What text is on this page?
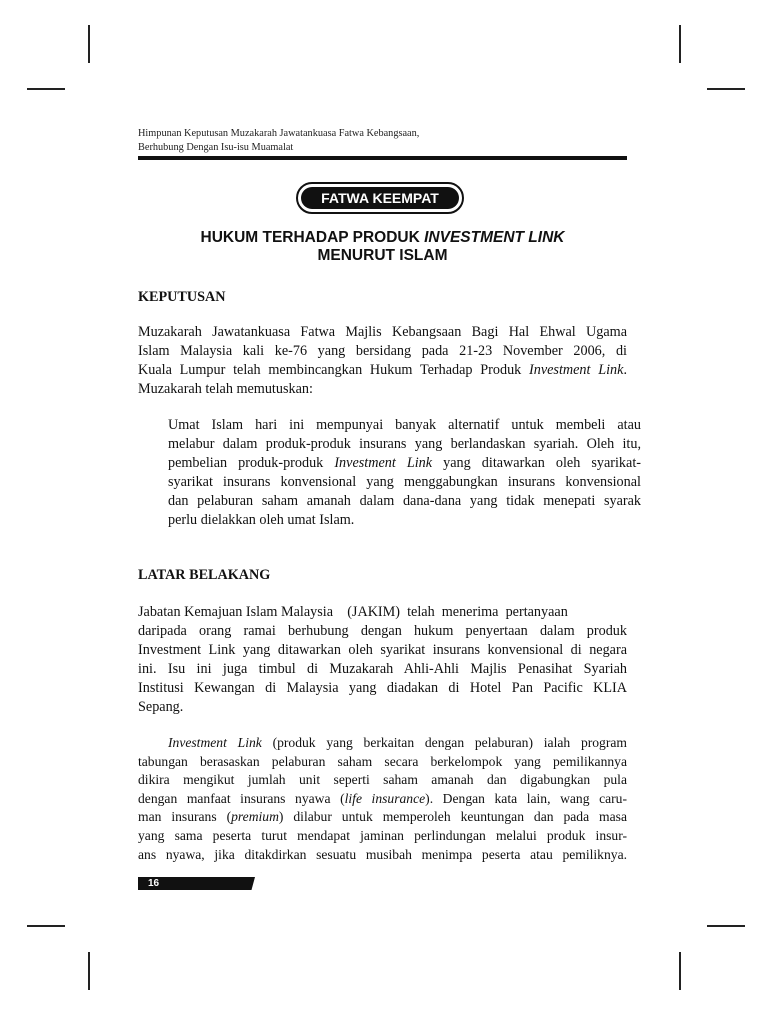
Himpunan Keputusan Muzakarah Jawatankuasa Fatwa Kebangsaan,
Berhubung Dengan Isu-isu Muamalat
FATWA KEEMPAT
HUKUM TERHADAP PRODUK INVESTMENT LINK
MENURUT ISLAM
KEPUTUSAN
Muzakarah Jawatankuasa Fatwa Majlis Kebangsaan Bagi Hal Ehwal Ugama
Islam Malaysia kali ke-76 yang bersidang pada 21-23 November 2006, di
Kuala Lumpur telah membincangkan Hukum Terhadap Produk Investment Link.
Muzakarah telah memutuskan:
Umat Islam hari ini mempunyai banyak alternatif untuk membeli atau
melabur dalam produk-produk insurans yang berlandaskan syariah. Oleh itu,
pembelian produk-produk Investment Link yang ditawarkan oleh syarikat-
syarikat insurans konvensional yang menggabungkan insurans konvensional
dan pelaburan saham amanah dalam dana-dana yang tidak menepati syarak
perlu dielakkan oleh umat Islam.
LATAR BELAKANG
Jabatan Kemajuan Islam Malaysia    (JAKIM)  telah  menerima  pertanyaan
daripada orang ramai berhubung dengan hukum penyertaan dalam produk
Investment Link yang ditawarkan oleh syarikat insurans konvensional di negara
ini. Isu ini juga timbul di Muzakarah Ahli-Ahli Majlis Penasihat Syariah
Institusi Kewangan di Malaysia yang diadakan di Hotel Pan Pacific KLIA
Sepang.
Investment Link (produk yang berkaitan dengan pelaburan) ialah program
tabungan berasaskan pelaburan saham secara berkelompok yang pemilikannya
dikira mengikut jumlah unit seperti saham amanah dan digabungkan pula
dengan manfaat insurans nyawa (life insurance). Dengan kata lain, wang caru-
man insurans (premium) dilabur untuk memperoleh keuntungan dan pada masa
yang sama peserta turut mendapat jaminan perlindungan melalui produk insur-
ans nyawa, jika ditakdirkan sesuatu musibah menimpa peserta atau pemiliknya.
16
